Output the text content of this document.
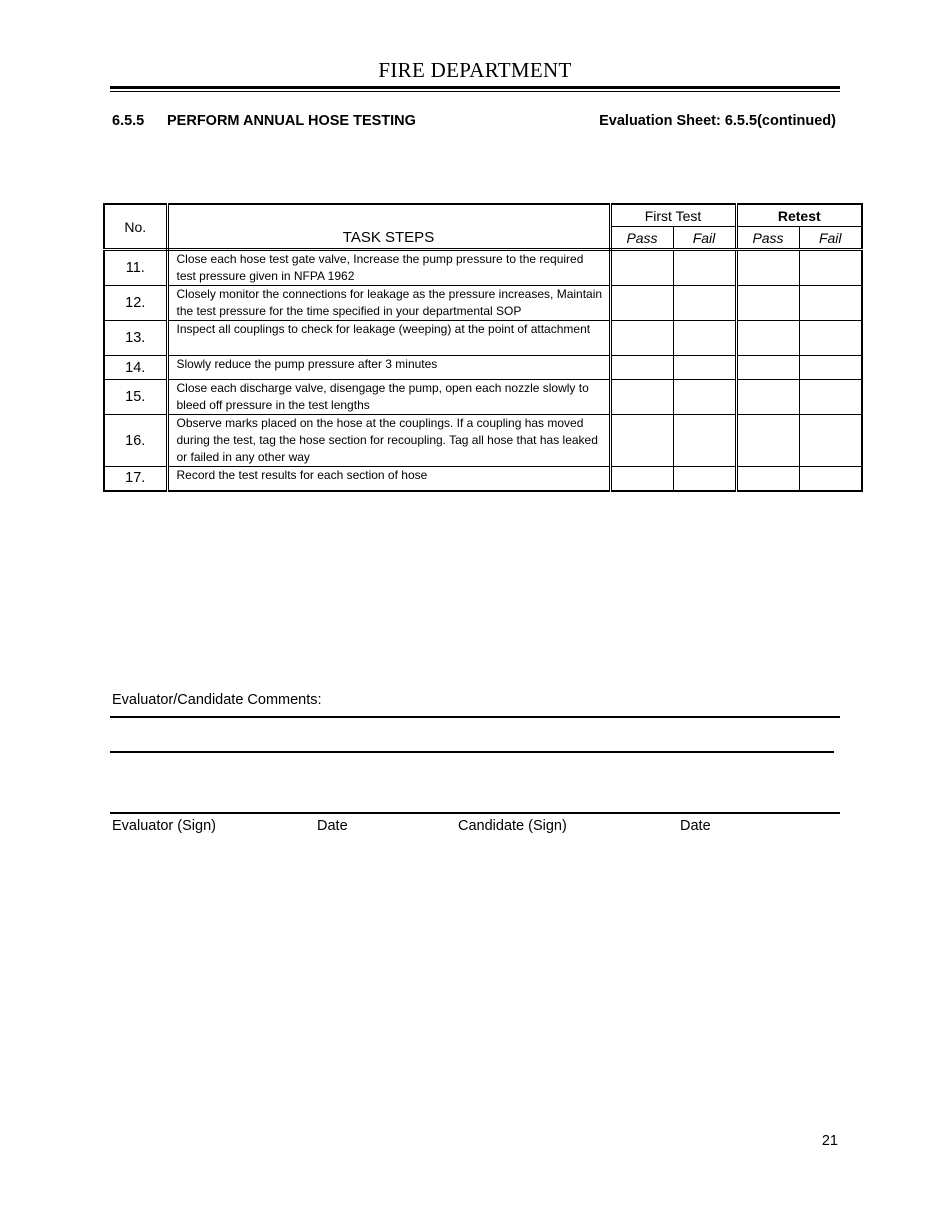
FIRE DEPARTMENT
6.5.5 PERFORM ANNUAL HOSE TESTING	Evaluation Sheet: 6.5.5(continued)
No.	TASK STEPS	First Test		Retest	
		Pass	Fail	Pass	Fail
11.	Close each hose test gate valve, Increase the pump pressure to the required test pressure given in NFPA 1962				
12.	Closely monitor the connections for leakage as the pressure increases, Maintain the test pressure for the time specified in your departmental SOP				
13.	Inspect all couplings to check for leakage (weeping) at the point of attachment				
14.	Slowly reduce the pump pressure after 3 minutes				
15.	Close each discharge valve, disengage the pump, open each nozzle slowly to bleed off pressure in the test lengths				
16.	Observe marks placed on the hose at the couplings. If a coupling has moved during the test, tag the hose section for recoupling. Tag all hose that has leaked or failed in any other way				
17.	Record the test results for each section of hose				
Evaluator/Candidate Comments:
Evaluator (Sign)	Date	Candidate (Sign)	Date
21
